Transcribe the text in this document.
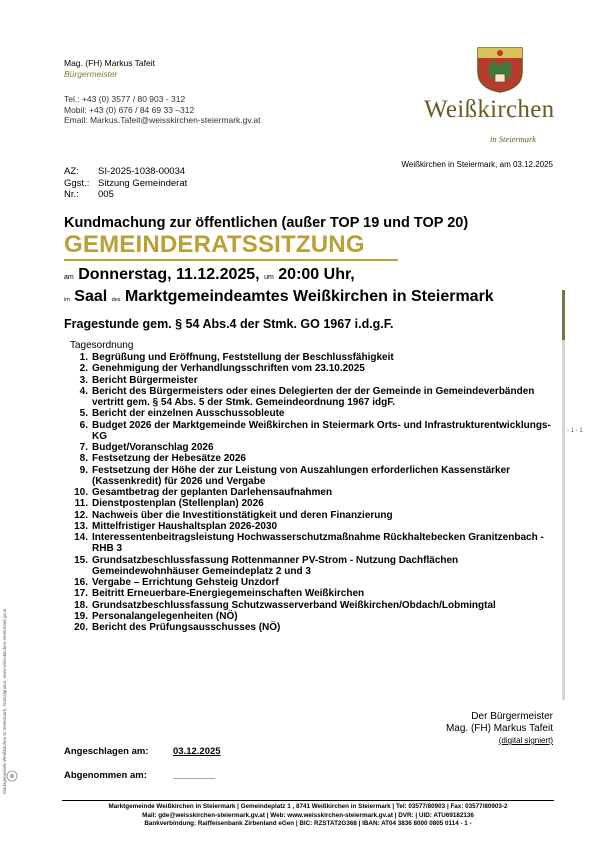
Mag. (FH) Markus Tafeit
Bürgermeister
Tel.: +43 (0) 3577 / 80 903 - 312
Mobil: +43 (0) 676 / 84 69 33 –312
Email: Markus.Tafeit@weisskirchen-steiermark.gv.at	Weißkirchen
in Steiermark
Weißkirchen in Steiermark, am 03.12.2025
AZ:	SI-2025-1038-00034
Ggst.:	Sitzung Gemeinderat
Nr.:	005
Kundmachung zur öffentlichen (außer TOP 19 und TOP 20)
GEMEINDERATSSITZUNG
am Donnerstag, 11.12.2025, um 20:00 Uhr,
im Saal des Marktgemeindeamtes Weißkirchen in Steiermark
- 1 - 1
Fragestunde gem. § 54 Abs.4 der Stmk. GO 1967 i.d.g.F.
Tagesordnung
1. Begrüßung und Eröffnung, Feststellung der Beschlussfähigkeit
2. Genehmigung der Verhandlungsschriften vom 23.10.2025
3. Bericht Bürgermeister
4. Bericht des Bürgermeisters oder eines Delegierten der der Gemeinde in Gemeindeverbänden vertritt gem. § 54 Abs. 5 der Stmk. Gemeindeordnung 1967 idgF.
5. Bericht der einzelnen Ausschussobleute
6. Budget 2026 der Marktgemeinde Weißkirchen in Steiermark Orts- und Infrastrukturentwicklungs- KG
7. Budget/Voranschlag 2026
8. Festsetzung der Hebesätze 2026
9. Festsetzung der Höhe der zur Leistung von Auszahlungen erforderlichen Kassenstärker (Kassenkredit) für 2026 und Vergabe
10. Gesamtbetrag der geplanten Darlehensaufnahmen
11. Dienstpostenplan (Stellenplan) 2026
12. Nachweis über die Investitionstätigkeit und deren Finanzierung
13. Mittelfristiger Haushaltsplan 2026-2030
14. Interessentenbeitragsleistung Hochwasserschutzmaßnahme Rückhaltebecken Granitzenbach - RHB 3
15. Grundsatzbeschlussfassung Rottenmanner PV-Strom - Nutzung Dachflächen Gemeindewohnhäuser Gemeindeplatz 2 und 3
16. Vergabe – Errichtung Gehsteig Unzdorf
17. Beitritt Erneuerbare-Energiegemeinschaften Weißkirchen
18. Grundsatzbeschlussfassung Schutzwasserverband Weißkirchen/Obdach/Lobmingtal
19. Personalangelegenheiten (NÖ)
20. Bericht des Prüfungsausschusses (NÖ)
Der Bürgermeister
Mag. (FH) Markus Tafeit
(digital signiert)
Angeschlagen am:	03.12.2025
Abgenommen am:	________
Marktgemeinde Weißkirchen in Steiermark, Amtssignatur, www.weisskirchen-steiermark.gv.at
Marktgemeinde Weißkirchen in Steiermark | Gemeindeplatz 1 , 8741 Weißkirchen in Steiermark | Tel: 03577/80903 | Fax: 03577/80903-2
Mail: gde@weisskirchen-steiermark.gv.at | Web: www.weisskirchen-steiermark.gv.at | DVR: | UID: ATU69182136
Bankverbindung: Raiffeisenbank Zirbenland eGen | BIC: RZSTAT2G368 | IBAN: AT04 3836 8000 0805 0114 - 1 -
